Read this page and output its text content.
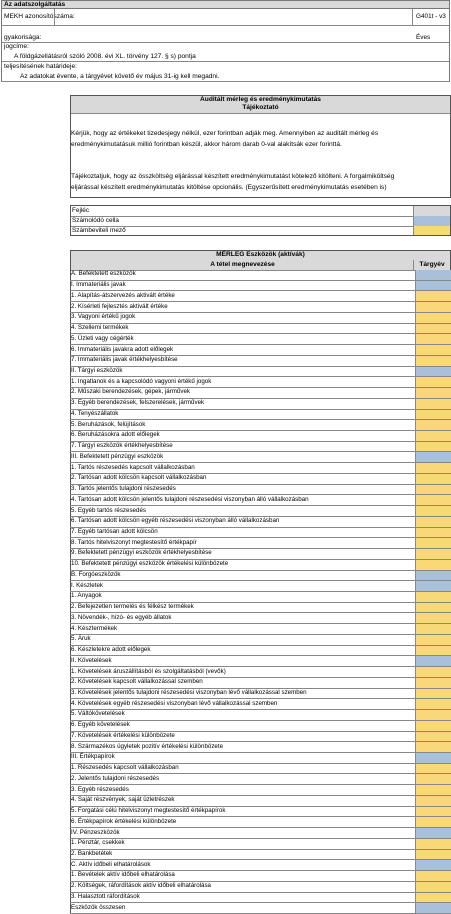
Az adatszolgáltatás
MEKH azonosítószáma:	G401t - v3
gyakorisága:	Éves
jogcíme:
A földgázellátásról szóló 2008. évi XL. törvény 127. § s) pontja
teljesítésének határideje:
Az adatokat évente, a tárgyévet követő év május 31-ig kell megadni.
Auditált mérleg és eredménykimutatás
Tájékoztató
Kérjük, hogy az értékeket tizedesjegy nélkül, ezer forintban adják meg. Amennyiben az auditált mérleg és
eredménykimutatásuk millió forintban készül, akkor három darab 0-val alakítsák ezer forinttá.
Tájékoztatjuk, hogy az összköltség eljárással készített eredménykimutatást kötelező kitölteni. A forgalmiköltség
eljárással készített eredménykimutatás kitöltése opcionális. (Egyszerűsített eredménykimutatás esetében is)
Fejléc
Számolódó cella
Számbeviteli mező
MÉRLEG Eszközök (aktívák)
A tétel megnevezése	Tárgyév
A. Befektetett eszközök
I. Immateriális javak
1. Alapítás-átszervezés aktivált értéke
2. Kísérleti fejlesztés aktivált értéke
3. Vagyoni értékű jogok
4. Szellemi termékek
5. Üzleti vagy cégérték
6. Immateriális javakra adott előlegek
7. Immateriális javak értékhelyesbítése
II. Tárgyi eszközök
1. Ingatlanok és a kapcsolódó vagyoni értékű jogok
2. Műszaki berendezések, gépek, járművek
3. Egyéb berendezések, felszerelések, járművek
4. Tenyészállatok
5. Beruházások, felújítások
6. Beruházásokra adott előlegek
7. Tárgyi eszközök értékhelyesbítése
III. Befektetett pénzügyi eszközök
1. Tartós részesedés kapcsolt vállalkozásban
2. Tartósan adott kölcsön kapcsolt vállalkozásban
3. Tartós jelentős tulajdoni részesedés
4. Tartósan adott kölcsön jelentős tulajdoni részesedési viszonyban álló vállalkozásban
5. Egyéb tartós részesedés
6. Tartósan adott kölcsön egyéb részesedési viszonyban álló vállalkozásban
7. Egyéb tartósan adott kölcsön
8. Tartós hitelviszonyt megtestesítő értékpapír
9. Befektetett pénzügyi eszközök értékhelyesbítése
10. Befektetett pénzügyi eszközök értékelési különbözete
B. Forgóeszközök
I. Készletek
1. Anyagok
2. Befejezetlen termelés és félkész termékek
3. Növendék-, hízó- és egyéb állatok
4. Késztermékek
5. Áruk
6. Készletekre adott előlegek
II. Követelések
1. Követelések áruszállításból és szolgáltatásból (vevők)
2. Követelések kapcsolt vállalkozással szemben
3. Követelések jelentős tulajdoni részesedési viszonyban lévő vállalkozással szemben
4. Követelések egyéb részesedési viszonyban lévő vállalkozással szemben
5. Váltókövetelések
6. Egyéb követelések
7. Követelések értékelési különbözete
8. Származékos ügyletek pozitív értékelési különbözete
III. Értékpapírok
1. Részesedés kapcsolt vállalkozásban
2. Jelentős tulajdoni részesedés
3. Egyéb részesedés
4. Saját részvények, saját üzletrészek
5. Forgatási célú hitelviszonyt megtestesítő értékpapírok
6. Értékpapírok értékelési különbözete
IV. Pénzeszközök
1. Pénztár, csekkek
2. Bankbetétek
C. Aktív időbeli elhatárolások
1. Bevételek aktív időbeli elhatárolása
2. Költségek, ráfordítások aktív időbeli elhatárolása
3. Halasztott ráfordítások
Eszközök összesen
